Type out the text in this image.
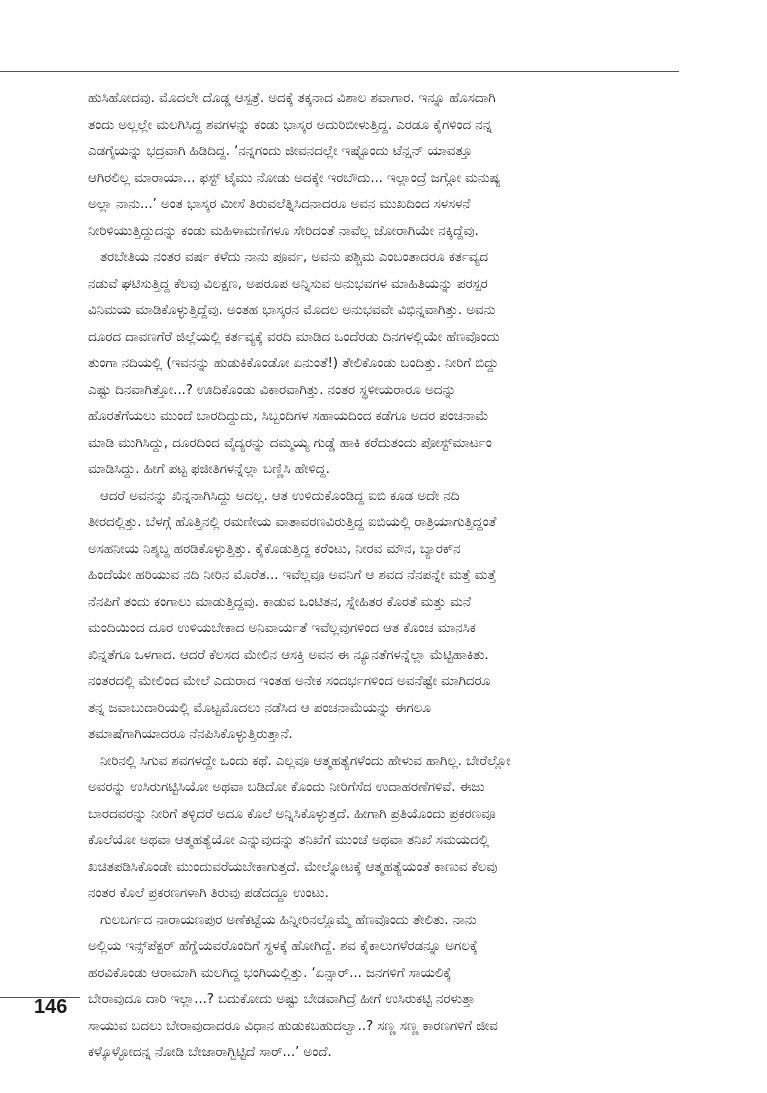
ಹುಸಿಹೋದವು. ಮೊದಲೇ ದೊಡ್ಡ ಆಸ್ಪತ್ರೆ. ಅದಕ್ಕೆ ತಕ್ಕನಾದ ವಿಶಾಲ ಶವಾಗಾರ. ಇನ್ನೂ ಹೊಸದಾಗಿ
ತಂದು ಅಲ್ಲಲ್ಲೇ ಮಲಗಿಸಿದ್ದ ಶವಗಳನ್ನು ಕಂಡು ಭಾಸ್ಕರ ಅದುರಿಬೀಳುತ್ತಿದ್ದ. ಎರಡೂ ಕೈಗಳಿಂದ ನನ್ನ
ಎಡಗೈಯನ್ನು ಭದ್ರವಾಗಿ ಹಿಡಿದಿದ್ದ. ‘ನನ್ನಗಂದು ಜೀವನದಲ್ಲೇ ಇಷ್ಟೊಂದು ಟೆನ್ಷನ್ ಯಾವತ್ತೂ
ಆಗಿರಲಿಲ್ಲ ಮಾರಾಯಾ... ಫಸ್ಟ್ ಟೈಮು ನೋಡು ಅದಕ್ಕೇ ಇರಬೌದು... ಇಲ್ಲಾಂದ್ರೆ ಜಗ್ಗೋ ಮನುಷ್ಯ
ಅಲ್ಲಾ ನಾನು...’ ಅಂತ ಭಾಸ್ಕರ ಮೀಸೆ ತಿರುವಲೆತ್ನಿಸಿದನಾದರೂ ಅವನ ಮುಖದಿಂದ ಸಳಸಳನೆ
ನೀರಿಳಿಯುತ್ತಿದ್ದುದನ್ನು ಕಂಡು ಮಹಿಳಾಮಣಿಗಳೂ ಸೇರಿದಂತೆ ನಾವೆಲ್ಲ ಜೋರಾಗಿಯೇ ನಕ್ಕಿದ್ದೆವು.
ತರಬೇತಿಯ ನಂತರ ವರ್ಷ ಕಳೆದು ನಾನು ಪೂರ್ವ, ಅವನು ಪಶ್ಚಿಮ ಎಂಬಂತಾದರೂ ಕರ್ತವ್ಯದ
ನಡುವೆ ಘಟಿಸುತ್ತಿದ್ದ ಕೆಲವು ವಿಲಕ್ಷಣ, ಅಪರೂಪ ಅನ್ನಿಸುವ ಅನುಭವಗಳ ಮಾಹಿತಿಯನ್ನು ಪರಸ್ಪರ
ವಿನಿಮಯ ಮಾಡಿಕೊಳ್ಳುತ್ತಿದ್ದೆವು. ಅಂತಹ ಭಾಸ್ಕರನ ಮೊದಲ ಅನುಭವವೇ ವಿಭಿನ್ನವಾಗಿತ್ತು. ಅವನು
ದೂರದ ದಾವಣಗೆರೆ ಜಿಲ್ಲೆಯಲ್ಲಿ ಕರ್ತವ್ಯಕ್ಕೆ ವರದಿ ಮಾಡಿದ ಒಂದೆರಡು ದಿನಗಳಲ್ಲಿಯೇ ಹೆಣವೊಂದು
ತುಂಗಾ ನದಿಯಲ್ಲಿ (ಇವನನ್ನು ಹುಡುಕಿಕೊಂಡೋ ಏನುಂತೆ!) ತೇಲಿಕೊಂಡು ಬಂದಿತ್ತು. ನೀರಿಗೆ ಬಿದ್ದು
ಎಷ್ಟು ದಿನವಾಗಿತ್ತೋ...? ಊದಿಕೊಂಡು ವಿಕಾರವಾಗಿತ್ತು. ನಂತರ ಸ್ಥಳೀಯರಾರೂ ಅದನ್ನು
ಹೊರತೆಗೆಯಲು ಮುಂದೆ ಬಾರದಿದ್ದುದು, ಸಿಬ್ಬಂದಿಗಳ ಸಹಾಯದಿಂದ ಕಡೆಗೂ ಅದರ ಪಂಚನಾಮೆ
ಮಾಡಿ ಮುಗಿಸಿದ್ದು, ದೂರದಿಂದ ವೈದ್ಯರನ್ನು ದಮ್ಮಯ್ಯ ಗುಡ್ಡೆ ಹಾಕಿ ಕರೆದುತಂದು ಪೋಸ್ಟ್‌ಮಾರ್ಟಂ
ಮಾಡಿಸಿದ್ದು. ಹೀಗೆ ಪಟ್ಟ ಫಜೀತಿಗಳನ್ನೆಲ್ಲಾ ಬಣ್ಣಿಸಿ ಹೇಳಿದ್ದ.
ಆದರೆ ಅವನನ್ನು ಖಿನ್ನನಾಗಿಸಿದ್ದು ಅದಲ್ಲ. ಆತ ಉಳಿದುಕೊಂಡಿದ್ದ ಐಬಿ ಕೂಡ ಅದೇ ನದಿ
ತೀರದಲ್ಲಿತ್ತು. ಬೆಳಗ್ಗೆ ಹೊತ್ತಿನಲ್ಲಿ ರಮಣೀಯ ವಾತಾವರಣವಿರುತ್ತಿದ್ದ ಐಬಿಯಲ್ಲಿ ರಾತ್ರಿಯಾಗುತ್ತಿದ್ದಂತೆ
ಅಸಹನೀಯ ನಿಶ್ಶಬ್ದ ಹರಡಿಕೊಳ್ಳುತ್ತಿತ್ತು. ಕೈಕೊಡುತ್ತಿದ್ದ ಕರೆಂಟು, ನೀರವ ಮೌನ, ಬ್ಯಾರಕ್‌ನ
ಹಿಂದೆಯೇ ಹರಿಯುವ ನದಿ ನೀರಿನ ಮೊರೆತ... ಇವೆಲ್ಲವೂ ಅವನಿಗೆ ಆ ಶವದ ನೆನಪನ್ನೇ ಮತ್ತೆ ಮತ್ತೆ
ನೆನಪಿಗೆ ತಂದು ಕಂಗಾಲು ಮಾಡುತ್ತಿದ್ದವು. ಕಾಡುವ ಒಂಟಿತನ, ಸ್ನೇಹಿತರ ಕೊರತೆ ಮತ್ತು ಮನೆ
ಮಂದಿಯಿಂದ ದೂರ ಉಳಿಯಬೇಕಾದ ಅನಿವಾರ್ಯತೆ ಇವೆಲ್ಲವುಗಳಿಂದ ಆತ ಕೊಂಚ ಮಾನಸಿಕ
ಖಿನ್ನತೆಗೂ ಒಳಗಾದ. ಆದರೆ ಕೆಲಸದ ಮೇಲಿನ ಆಸಕ್ತಿ ಅವನ ಈ ನ್ಯೂನತೆಗಳನ್ನೆಲ್ಲಾ ಮೆಟ್ಟಿಹಾಕಿತು.
ನಂತರದಲ್ಲಿ ಮೇಲಿಂದ ಮೇಲೆ ಎದುರಾದ ಇಂತಹ ಅನೇಕ ಸಂದರ್ಭಗಳಿಂದ ಅವನೆಷ್ಟೇ ಮಾಗಿದರೂ
ತನ್ನ ಜವಾಬುದಾರಿಯಲ್ಲಿ ಮೊಟ್ಟಮೊದಲು ನಡೆಸಿದ ಆ ಪಂಚನಾಮೆಯನ್ನು ಈಗಲೂ
ತಮಾಷೆಗಾಗಿಯಾದರೂ ನೆನಪಿಸಿಕೊಳ್ಳುತ್ತಿರುತ್ತಾನೆ.
ನೀರಿನಲ್ಲಿ ಸಿಗುವ ಶವಗಳದ್ದೇ ಒಂದು ಕಥೆ. ಎಲ್ಲವೂ ಆತ್ಮಹತ್ಯೆಗಳೆಂದು ಹೇಳುವ ಹಾಗಿಲ್ಲ. ಬೇರೆಲ್ಲೋ
ಅವರನ್ನು ಉಸಿರುಗಟ್ಟಿಸಿಯೋ ಅಥವಾ ಬಡಿದೋ ಕೊಂದು ನೀರಿಗೆಸೆದ ಉದಾಹರಣೆಗಳಿವೆ. ಈಜು
ಬಾರದವರನ್ನು ನೀರಿಗೆ ತಳ್ಳಿದರೆ ಅದೂ ಕೊಲೆ ಅನ್ನಿಸಿಕೊಳ್ಳುತ್ತದೆ. ಹೀಗಾಗಿ ಪ್ರತಿಯೊಂದು ಪ್ರಕರಣವೂ
ಕೊಲೆಯೋ ಅಥವಾ ಆತ್ಮಹತ್ಯೆಯೋ ಎನ್ನುವುದನ್ನು ತನಿಖೆಗೆ ಮುಂಚೆ ಅಥವಾ ತನಿಖೆ ಸಮಯದಲ್ಲಿ
ಖಚಿತಪಡಿಸಿಕೊಂಡೇ ಮುಂದುವರೆಯಬೇಕಾಗುತ್ತದೆ. ಮೇಲ್ನೋಟಕ್ಕೆ ಆತ್ಮಹತ್ಯೆಯಂತೆ ಕಾಣುವ ಕೆಲವು
ನಂತರ ಕೊಲೆ ಪ್ರಕರಣಗಳಾಗಿ ತಿರುವು ಪಡೆದದ್ದೂ ಉಂಟು.
ಗುಲಬರ್ಗದ ನಾರಾಯಣಪುರ ಅಣೆಕಟ್ಟೆಯ ಹಿನ್ನೀರಿನಲ್ಲೊಮ್ಮೆ ಹೆಣವೊಂದು ತೇಲಿತು. ನಾನು
ಅಲ್ಲಿಯ ಇನ್ಸ್‌ಪೆಕ್ಟರ್ ಹೆಗ್ಡೆಯವರೊಂದಿಗೆ ಸ್ಥಳಕ್ಕೆ ಹೋಗಿದ್ದೆ. ಶವ ಕೈಕಾಲುಗಳೆರಡನ್ನೂ ಅಗಲಕ್ಕೆ
ಹರವಿಕೊಂಡು ಆರಾಮಾಗಿ ಮಲಗಿದ್ದ ಭಂಗಿಯಲ್ಲಿತ್ತು. ‘ಏನ್ಸಾರ್... ಜನಗಳಿಗೆ ಸಾಯಲಿಕ್ಕೆ
ಬೇರಾವುದೂ ದಾರಿ ಇಲ್ಲಾ...? ಬದುಕೋದು ಅಷ್ಟು ಬೇಡವಾಗಿದ್ರೆ ಹೀಗೆ ಉಸಿರುಕಟ್ಟಿ ನರಳುತ್ತಾ
ಸಾಯುವ ಬದಲು ಬೇರಾವುದಾದರೂ ವಿಧಾನ ಹುಡುಕಬಹುದಲ್ವಾ..? ಸಣ್ಣ ಸಣ್ಣ ಕಾರಣಗಳಿಗೆ ಜೀವ
ಕಳ್ಕೊಳ್ಳೋದನ್ನ ನೋಡಿ ಬೇಜಾರಾಗ್ಬಿಟ್ಟಿದೆ ಸಾರ್...’ ಅಂದೆ.
146
